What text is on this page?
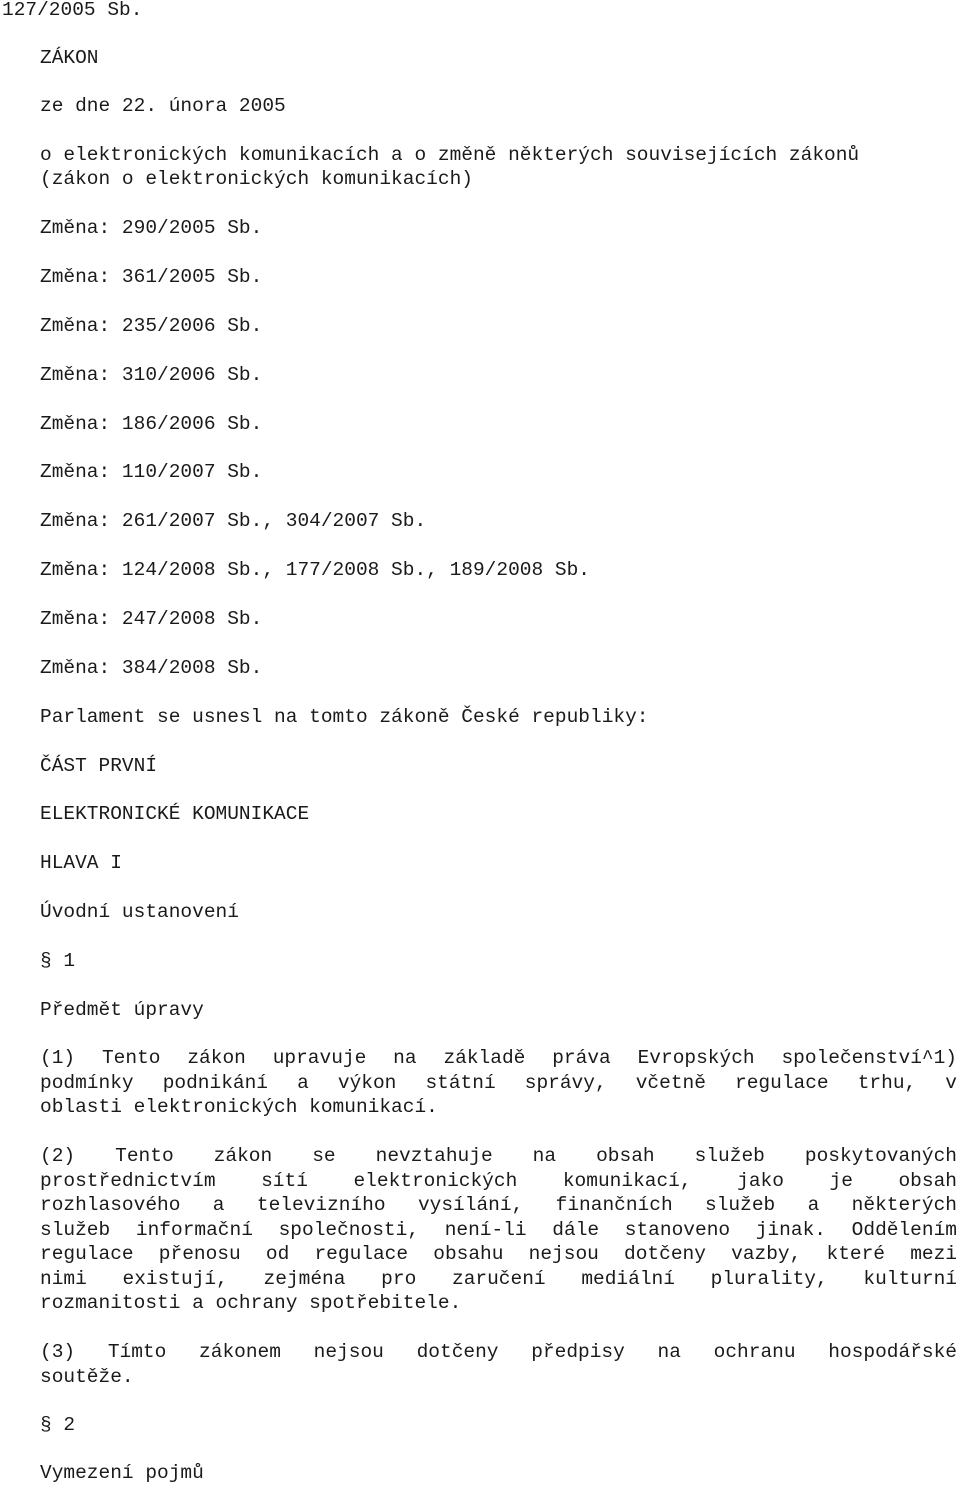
127/2005 Sb.
ZÁKON
ze dne 22. února 2005
o elektronických komunikacích a o změně některých souvisejících zákonů
(zákon o elektronických komunikacích)
Změna: 290/2005 Sb.
Změna: 361/2005 Sb.
Změna: 235/2006 Sb.
Změna: 310/2006 Sb.
Změna: 186/2006 Sb.
Změna: 110/2007 Sb.
Změna: 261/2007 Sb., 304/2007 Sb.
Změna: 124/2008 Sb., 177/2008 Sb., 189/2008 Sb.
Změna: 247/2008 Sb.
Změna: 384/2008 Sb.
Parlament se usnesl na tomto zákoně České republiky:
ČÁST PRVNÍ
ELEKTRONICKÉ KOMUNIKACE
HLAVA I
Úvodní ustanovení
§ 1
Předmět úpravy
(1) Tento zákon upravuje na základě práva Evropských společenství^1)
podmínky podnikání a výkon státní správy, včetně regulace trhu, v
oblasti elektronických komunikací.
(2) Tento zákon se nevztahuje na obsah služeb poskytovaných
prostřednictvím sítí elektronických komunikací, jako je obsah
rozhlasového a televizního vysílání, finančních služeb a některých
služeb informační společnosti, není-li dále stanoveno jinak. Oddělením
regulace přenosu od regulace obsahu nejsou dotčeny vazby, které mezi
nimi existují, zejména pro zaručení mediální plurality, kulturní
rozmanitosti a ochrany spotřebitele.
(3) Tímto zákonem nejsou dotčeny předpisy na ochranu hospodářské
soutěže.
§ 2
Vymezení pojmů
